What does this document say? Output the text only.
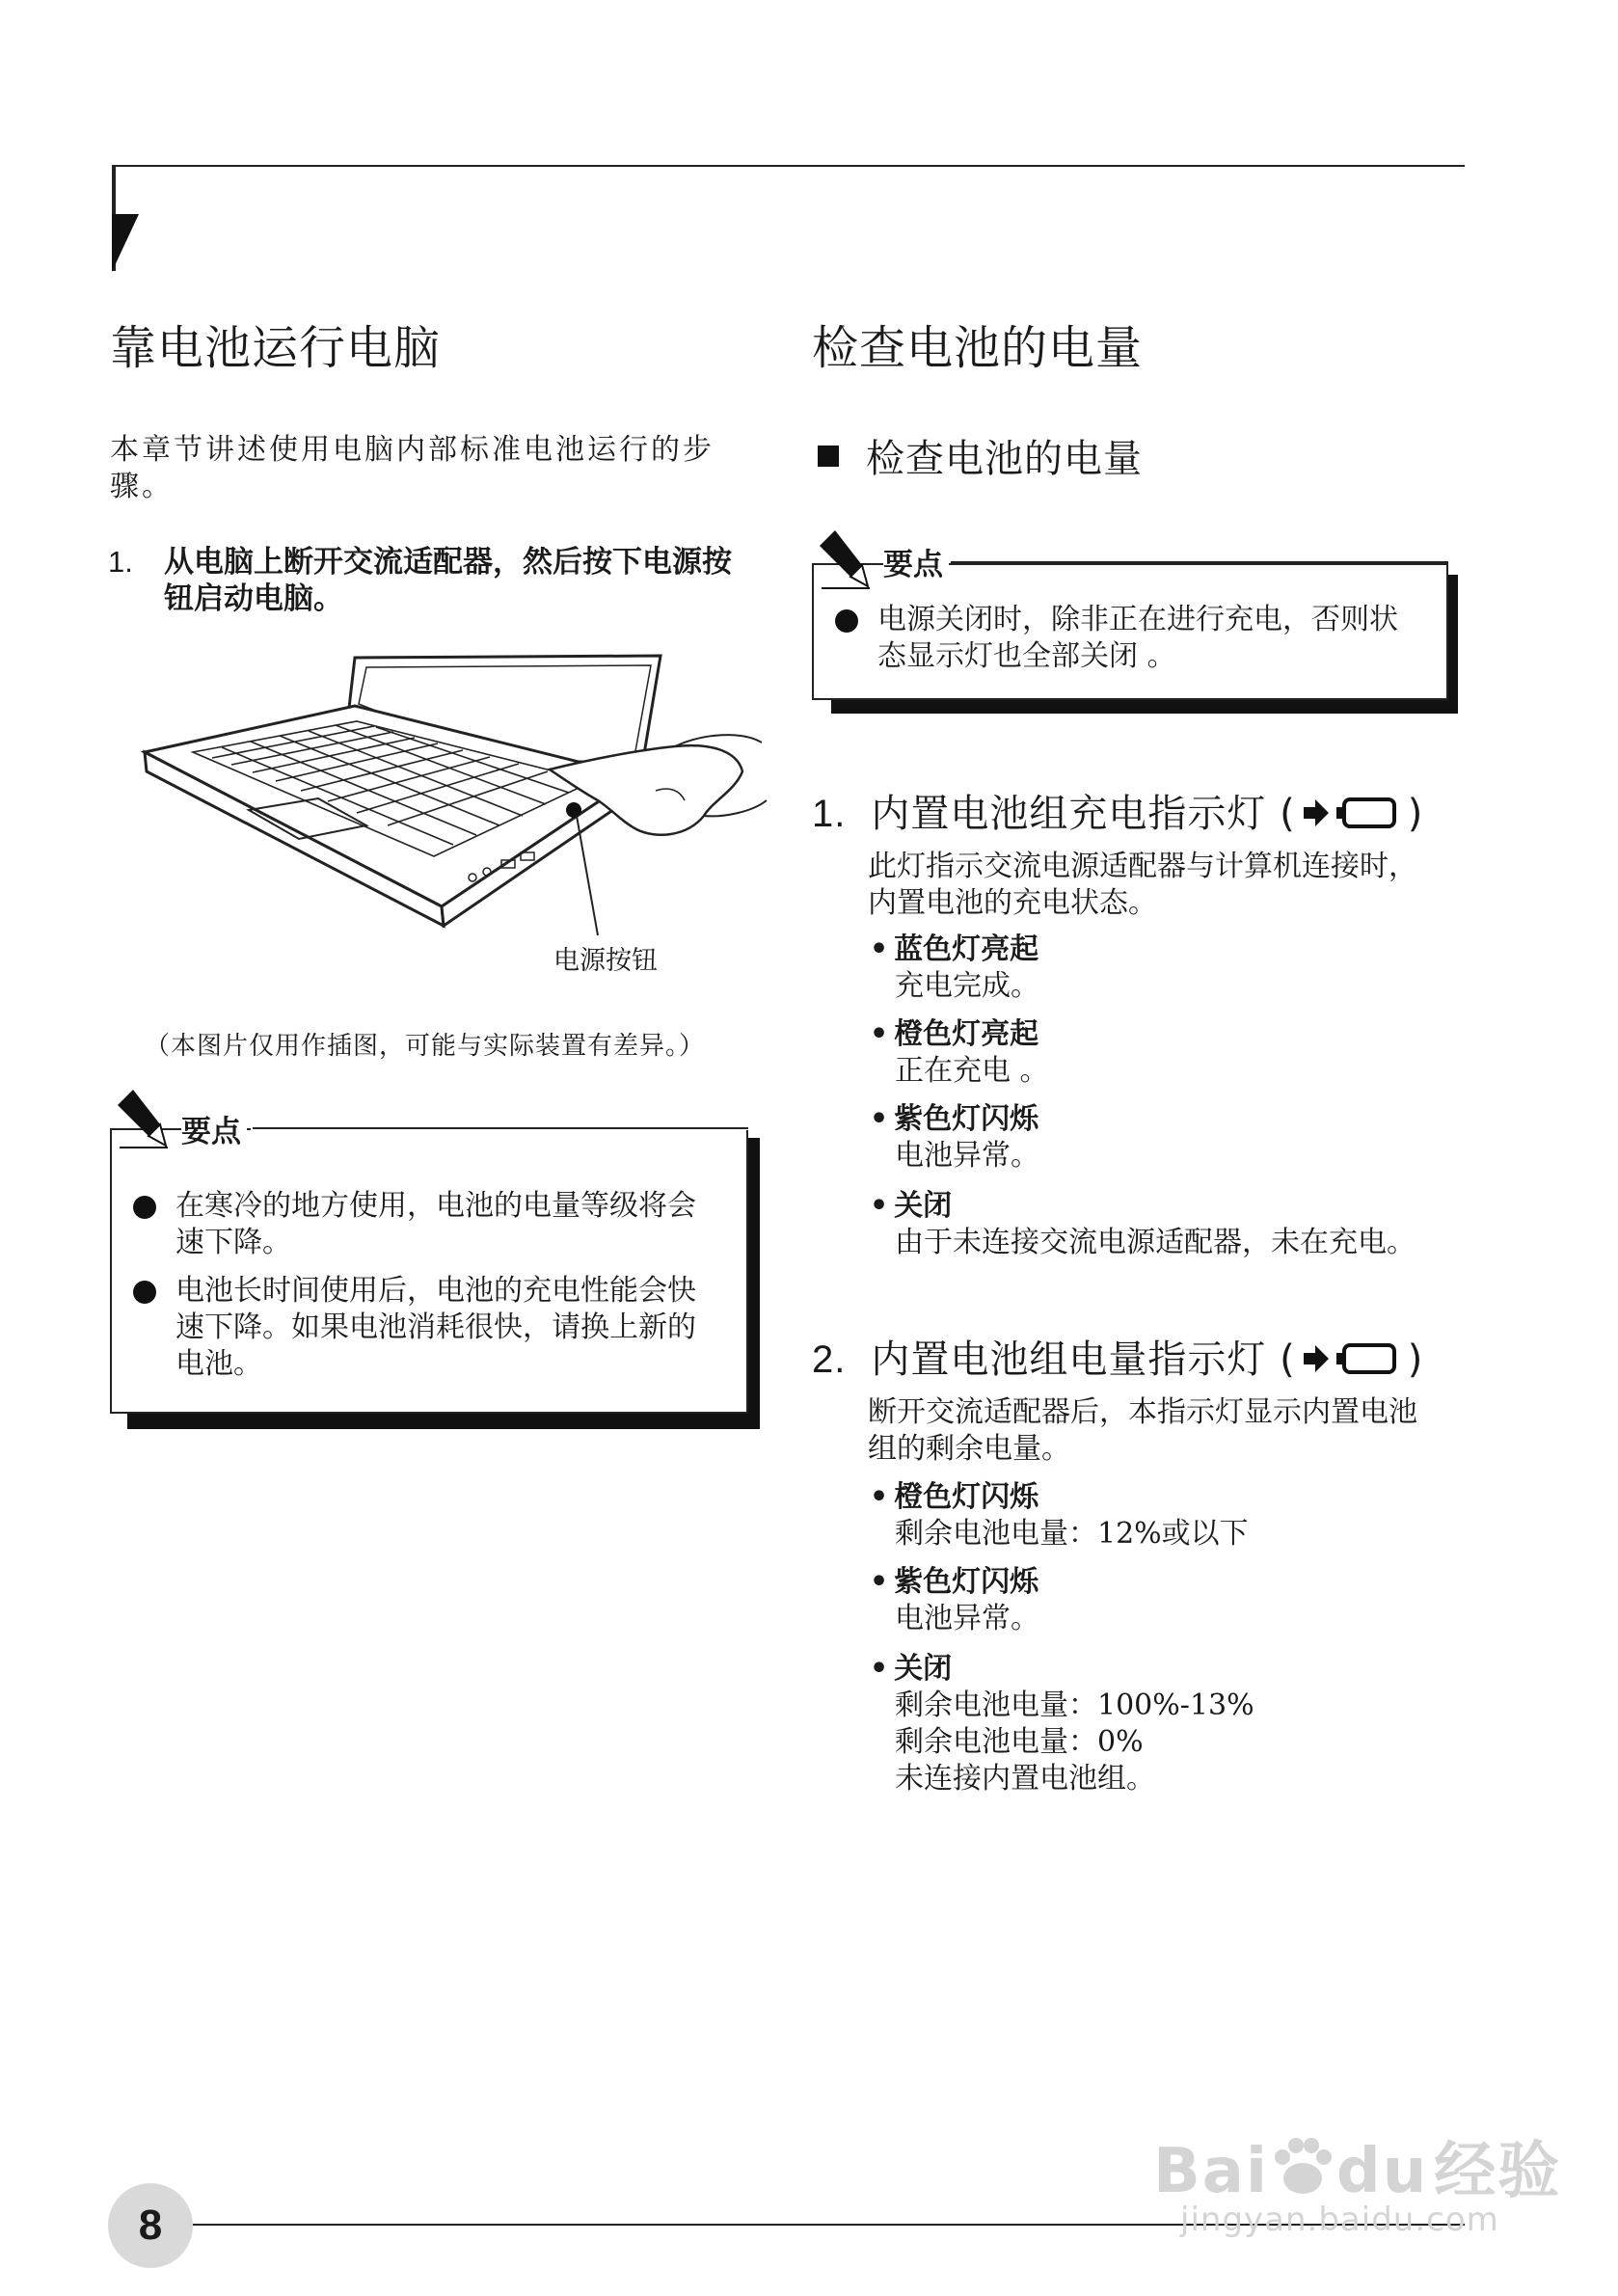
靠电池运行电脑
本章节讲述使用电脑内部标准电池运行的步
骤。
1. 从电脑上断开交流适配器，然后按下电源按
钮启动电脑。
电源按钮
（本图片仅用作插图，可能与实际装置有差异。）
要点
在寒冷的地方使用，电池的电量等级将会
速下降。
电池长时间使用后，电池的充电性能会快
速下降。如果电池消耗很快，请换上新的
电池。
检查电池的电量
检查电池的电量
要点
电源关闭时，除非正在进行充电，否则状
态显示灯也全部关闭 。
1. 内置电池组充电指示灯 (	)
此灯指示交流电源适配器与计算机连接时，
内置电池的充电状态。
• 蓝色灯亮起
充电完成。
• 橙色灯亮起
正在充电 。
• 紫色灯闪烁
电池异常。
• 关闭
由于未连接交流电源适配器，未在充电。
2. 内置电池组电量指示灯 (	)
断开交流适配器后，本指示灯显示内置电池
组的剩余电量。
• 橙色灯闪烁
剩余电池电量：12%或以下
• 紫色灯闪烁
电池异常。
• 关闭
剩余电池电量：100%-13%
剩余电池电量：0%
未连接内置电池组。
8
Bai du经验
jingyan.baidu.com
